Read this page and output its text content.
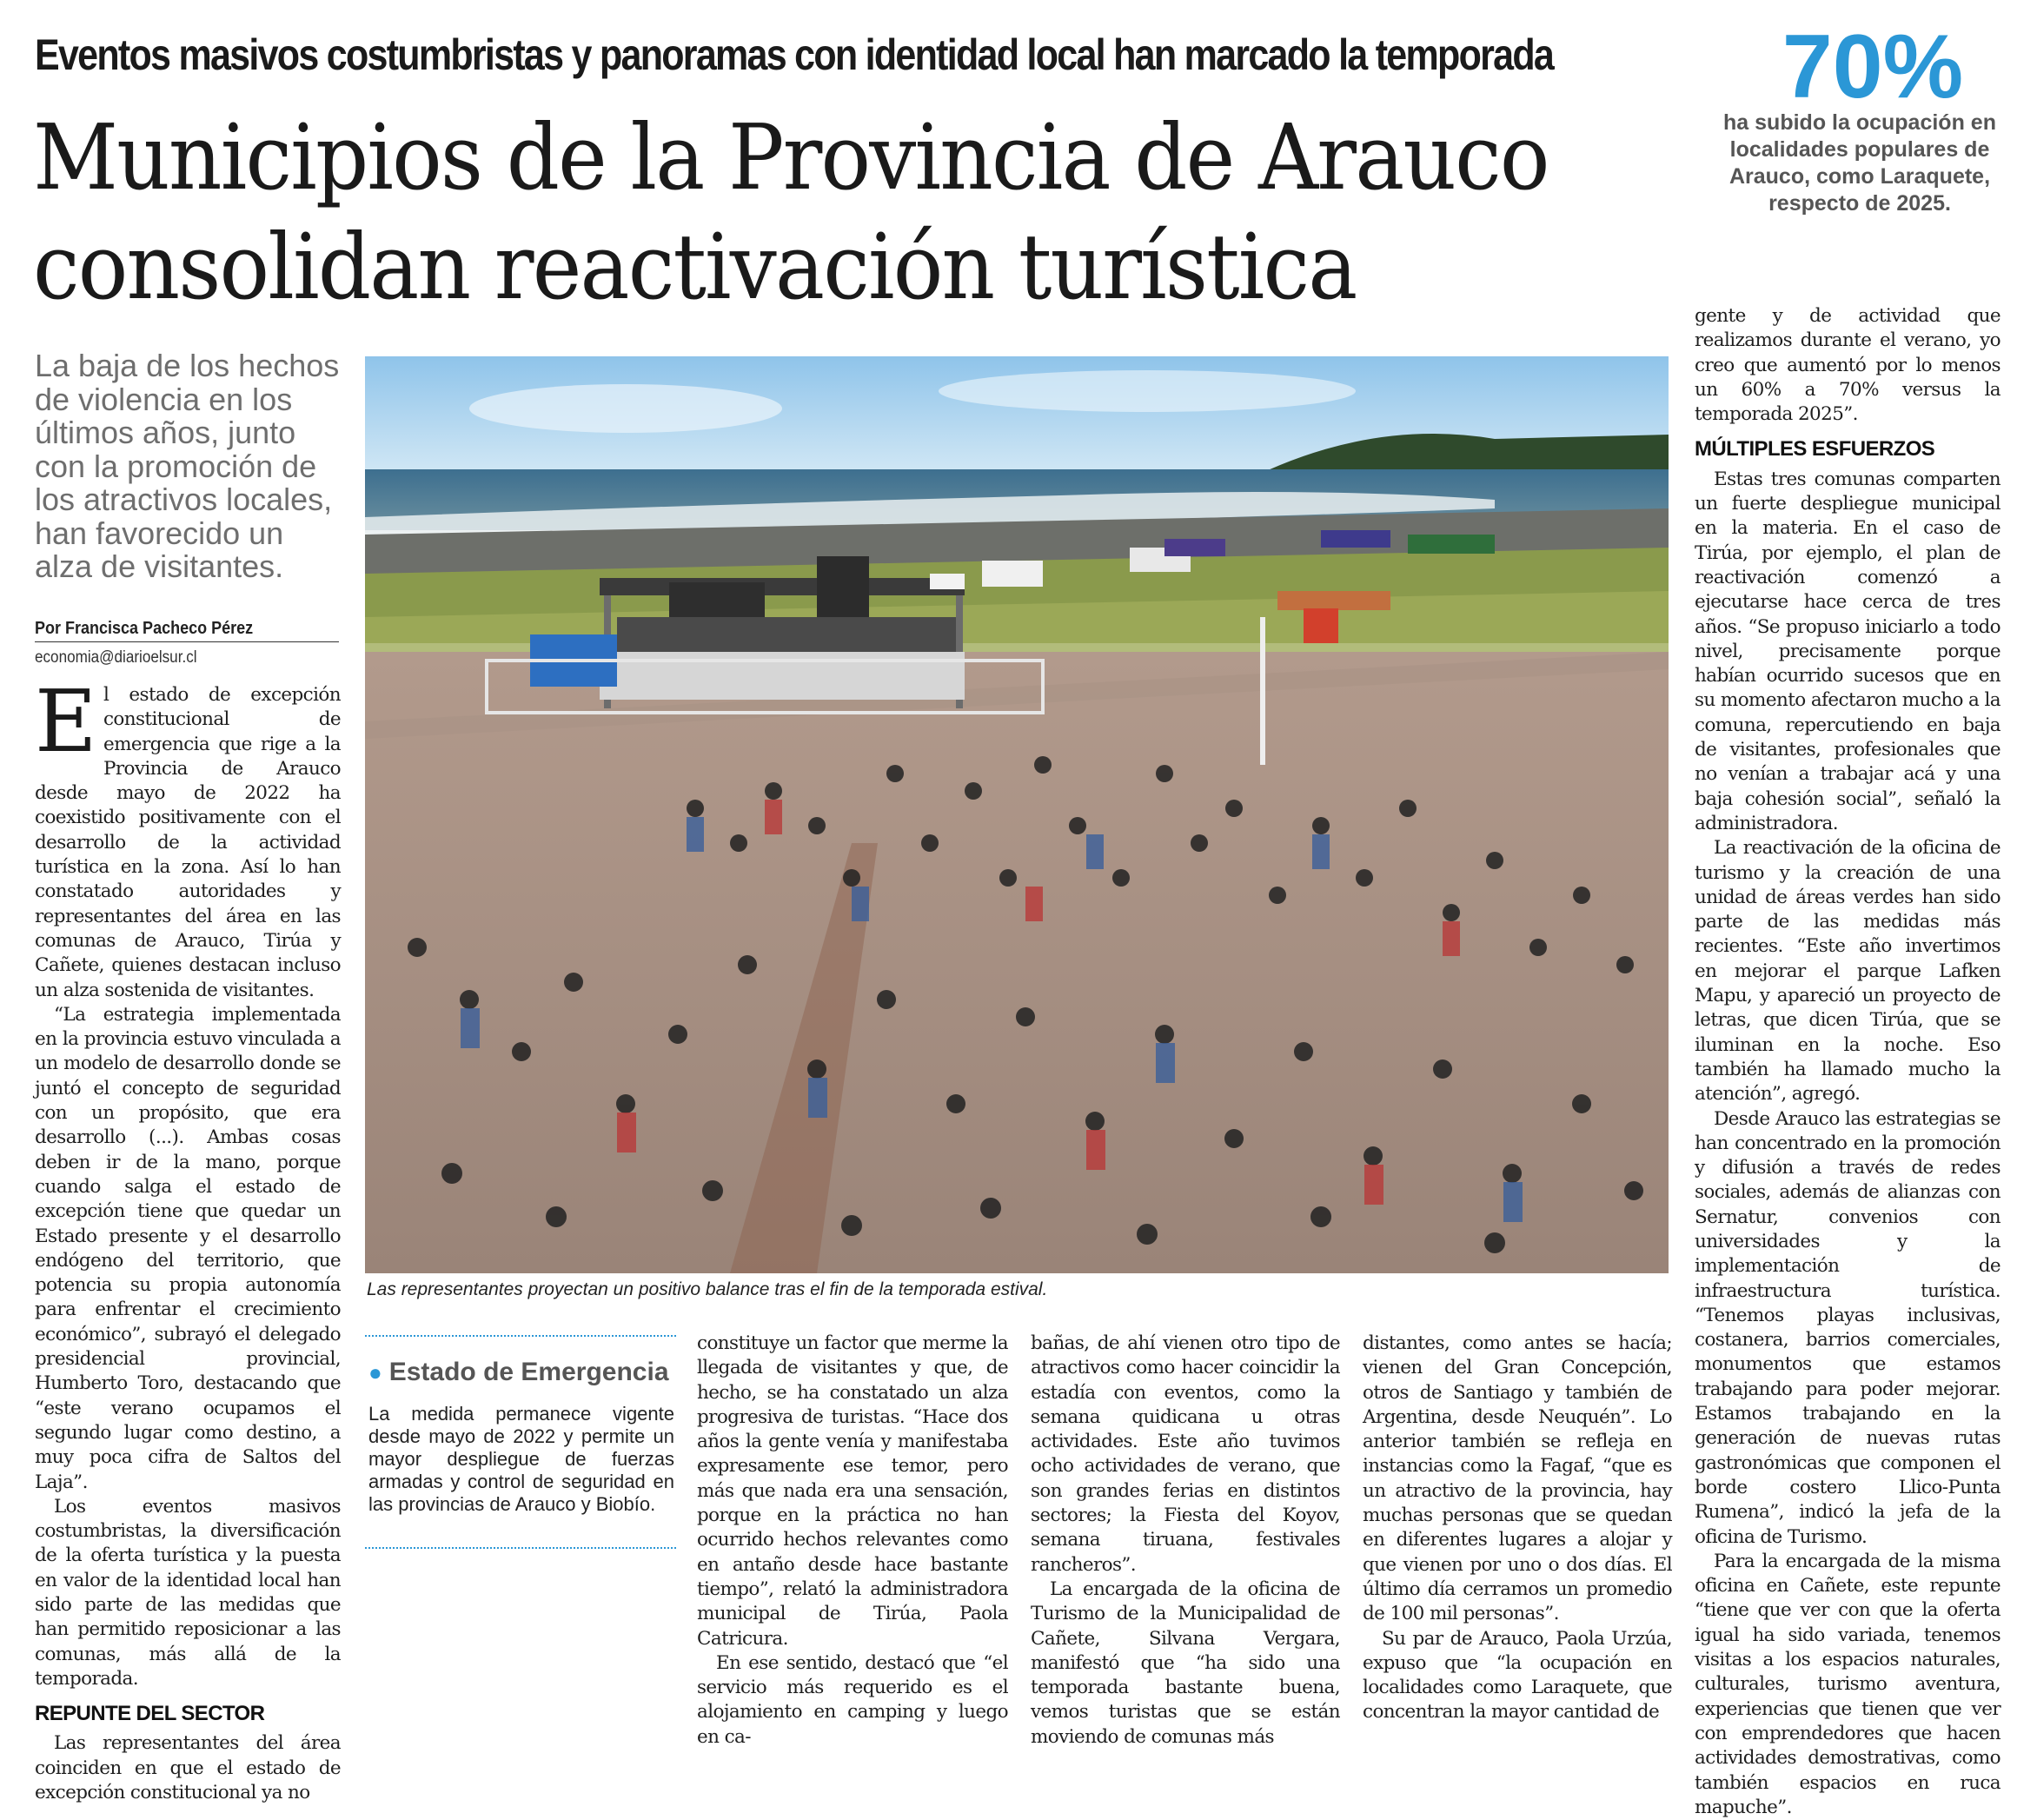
Eventos masivos costumbristas y panoramas con identidad local han marcado la temporada
Municipios de la Provincia de Arauco
consolidan reactivación turística
70%
ha subido la ocupación en localidades populares de Arauco, como Laraquete, respecto de 2025.
La baja de los hechos de violencia en los últimos años, junto con la promoción de los atractivos locales, han favorecido un alza de visitantes.
Por Francisca Pacheco Pérez
economia@diarioelsur.cl

El estado de excepción constitucional de emergencia que rige a la Provincia de Arauco desde mayo de 2022 ha coexistido positivamente con el desarrollo de la actividad turística en la zona. Así lo han constatado autoridades y representantes del área en las comunas de Arauco, Tirúa y Cañete, quienes destacan incluso un alza sostenida de visitantes.

“La estrategia implementada en la provincia estuvo vinculada a un modelo de desarrollo donde se juntó el concepto de seguridad con un propósito, que era desarrollo (...). Ambas cosas deben ir de la mano, porque cuando salga el estado de excepción tiene que quedar un Estado presente y el desarrollo endógeno del territorio, que potencia su propia autonomía para enfrentar el crecimiento económico”, subrayó el delegado presidencial provincial, Humberto Toro, destacando que “este verano ocupamos el segundo lugar como destino, a muy poca cifra de Saltos del Laja”.

Los eventos masivos costumbristas, la diversificación de la oferta turística y la puesta en valor de la identidad local han sido parte de las medidas que han permitido reposicionar a las comunas, más allá de la temporada.

REPUNTE DEL SECTOR

Las representantes del área coinciden en que el estado de excepción constitucional ya no

Las representantes proyectan un positivo balance tras el fin de la temporada estival.
● Estado de Emergencia
La medida permanece vigente desde mayo de 2022 y permite un mayor despliegue de fuerzas armadas y control de seguridad en las provincias de Arauco y Biobío.

constituye un factor que merme la llegada de visitantes y que, de hecho, se ha constatado un alza progresiva de turistas. “Hace dos años la gente venía y manifestaba expresamente ese temor, pero más que nada era una sensación, porque en la práctica no han ocurrido hechos relevantes como en antaño desde hace bastante tiempo”, relató la administradora municipal de Tirúa, Paola Catricura.

En ese sentido, destacó que “el servicio más requerido es el alojamiento en camping y luego en ca-

bañas, de ahí vienen otro tipo de atractivos como hacer coincidir la estadía con eventos, como la semana quidicana u otras actividades. Este año tuvimos ocho actividades de verano, que son grandes ferias en distintos sectores; la Fiesta del Koyov, semana tiruana, festivales rancheros”.

La encargada de la oficina de Turismo de la Municipalidad de Cañete, Silvana Vergara, manifestó que “ha sido una temporada bastante buena, vemos turistas que se están moviendo de comunas más

distantes, como antes se hacía; vienen del Gran Concepción, otros de Santiago y también de Argentina, desde Neuquén”. Lo anterior también se refleja en instancias como la Fagaf, “que es un atractivo de la provincia, hay muchas personas que se quedan en diferentes lugares a alojar y que vienen por uno o dos días. El último día cerramos un promedio de 100 mil personas”.

Su par de Arauco, Paola Urzúa, expuso que “la ocupación en localidades como Laraquete, que concentran la mayor cantidad de

gente y de actividad que realizamos durante el verano, yo creo que aumentó por lo menos un 60% a 70% versus la temporada 2025”.

MÚLTIPLES ESFUERZOS

Estas tres comunas comparten un fuerte despliegue municipal en la materia. En el caso de Tirúa, por ejemplo, el plan de reactivación comenzó a ejecutarse hace cerca de tres años. “Se propuso iniciarlo a todo nivel, precisamente porque habían ocurrido sucesos que en su momento afectaron mucho a la comuna, repercutiendo en baja de visitantes, profesionales que no venían a trabajar acá y una baja cohesión social”, señaló la administradora.

La reactivación de la oficina de turismo y la creación de una unidad de áreas verdes han sido parte de las medidas más recientes. “Este año invertimos en mejorar el parque Lafken Mapu, y apareció un proyecto de letras, que dicen Tirúa, que se iluminan en la noche. Eso también ha llamado mucho la atención”, agregó.

Desde Arauco las estrategias se han concentrado en la promoción y difusión a través de redes sociales, además de alianzas con Sernatur, convenios con universidades y la implementación de infraestructura turística. “Tenemos playas inclusivas, costanera, barrios comerciales, monumentos que estamos trabajando para poder mejorar. Estamos trabajando en la generación de nuevas rutas gastronómicas que componen el borde costero Llico-Punta Rumena”, indicó la jefa de la oficina de Turismo.

Para la encargada de la misma oficina en Cañete, este repunte “tiene que ver con que la oferta igual ha sido variada, tenemos visitas a los espacios naturales, culturales, turismo aventura, experiencias que tienen que ver con emprendedores que hacen actividades demostrativas, como también espacios en ruca mapuche”.
